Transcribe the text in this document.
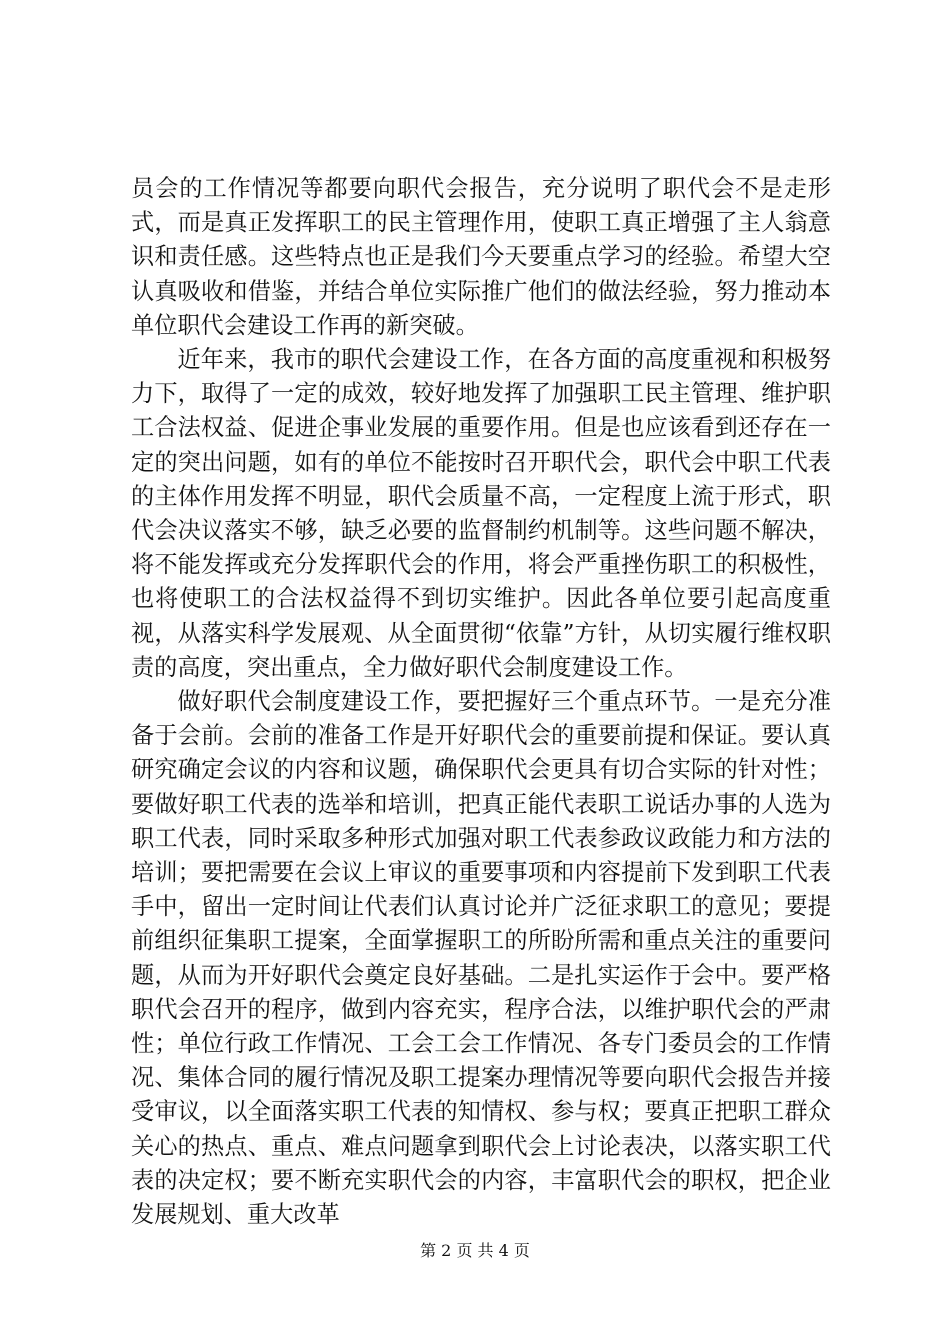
员会的工作情况等都要向职代会报告，充分说明了职代会不是走形式，而是真正发挥职工的民主管理作用，使职工真正增强了主人翁意识和责任感。这些特点也正是我们今天要重点学习的经验。希望大空认真吸收和借鉴，并结合单位实际推广他们的做法经验，努力推动本单位职代会建设工作再的新突破。

近年来，我市的职代会建设工作，在各方面的高度重视和积极努力下，取得了一定的成效，较好地发挥了加强职工民主管理、维护职工合法权益、促进企事业发展的重要作用。但是也应该看到还存在一定的突出问题，如有的单位不能按时召开职代会，职代会中职工代表的主体作用发挥不明显，职代会质量不高，一定程度上流于形式，职代会决议落实不够，缺乏必要的监督制约机制等。这些问题不解决，将不能发挥或充分发挥职代会的作用，将会严重挫伤职工的积极性，也将使职工的合法权益得不到切实维护。因此各单位要引起高度重视，从落实科学发展观、从全面贯彻“依靠”方针，从切实履行维权职责的高度，突出重点，全力做好职代会制度建设工作。

做好职代会制度建设工作，要把握好三个重点环节。一是充分准备于会前。会前的准备工作是开好职代会的重要前提和保证。要认真研究确定会议的内容和议题，确保职代会更具有切合实际的针对性；要做好职工代表的选举和培训，把真正能代表职工说话办事的人选为职工代表，同时采取多种形式加强对职工代表参政议政能力和方法的培训；要把需要在会议上审议的重要事项和内容提前下发到职工代表手中，留出一定时间让代表们认真讨论并广泛征求职工的意见；要提前组织征集职工提案，全面掌握职工的所盼所需和重点关注的重要问题，从而为开好职代会奠定良好基础。二是扎实运作于会中。要严格职代会召开的程序，做到内容充实，程序合法，以维护职代会的严肃性；单位行政工作情况、工会工会工作情况、各专门委员会的工作情况、集体合同的履行情况及职工提案办理情况等要向职代会报告并接受审议，以全面落实职工代表的知情权、参与权；要真正把职工群众关心的热点、重点、难点问题拿到职代会上讨论表决，以落实职工代表的决定权；要不断充实职代会的内容，丰富职代会的职权，把企业发展规划、重大改革

第 2 页 共 4 页
